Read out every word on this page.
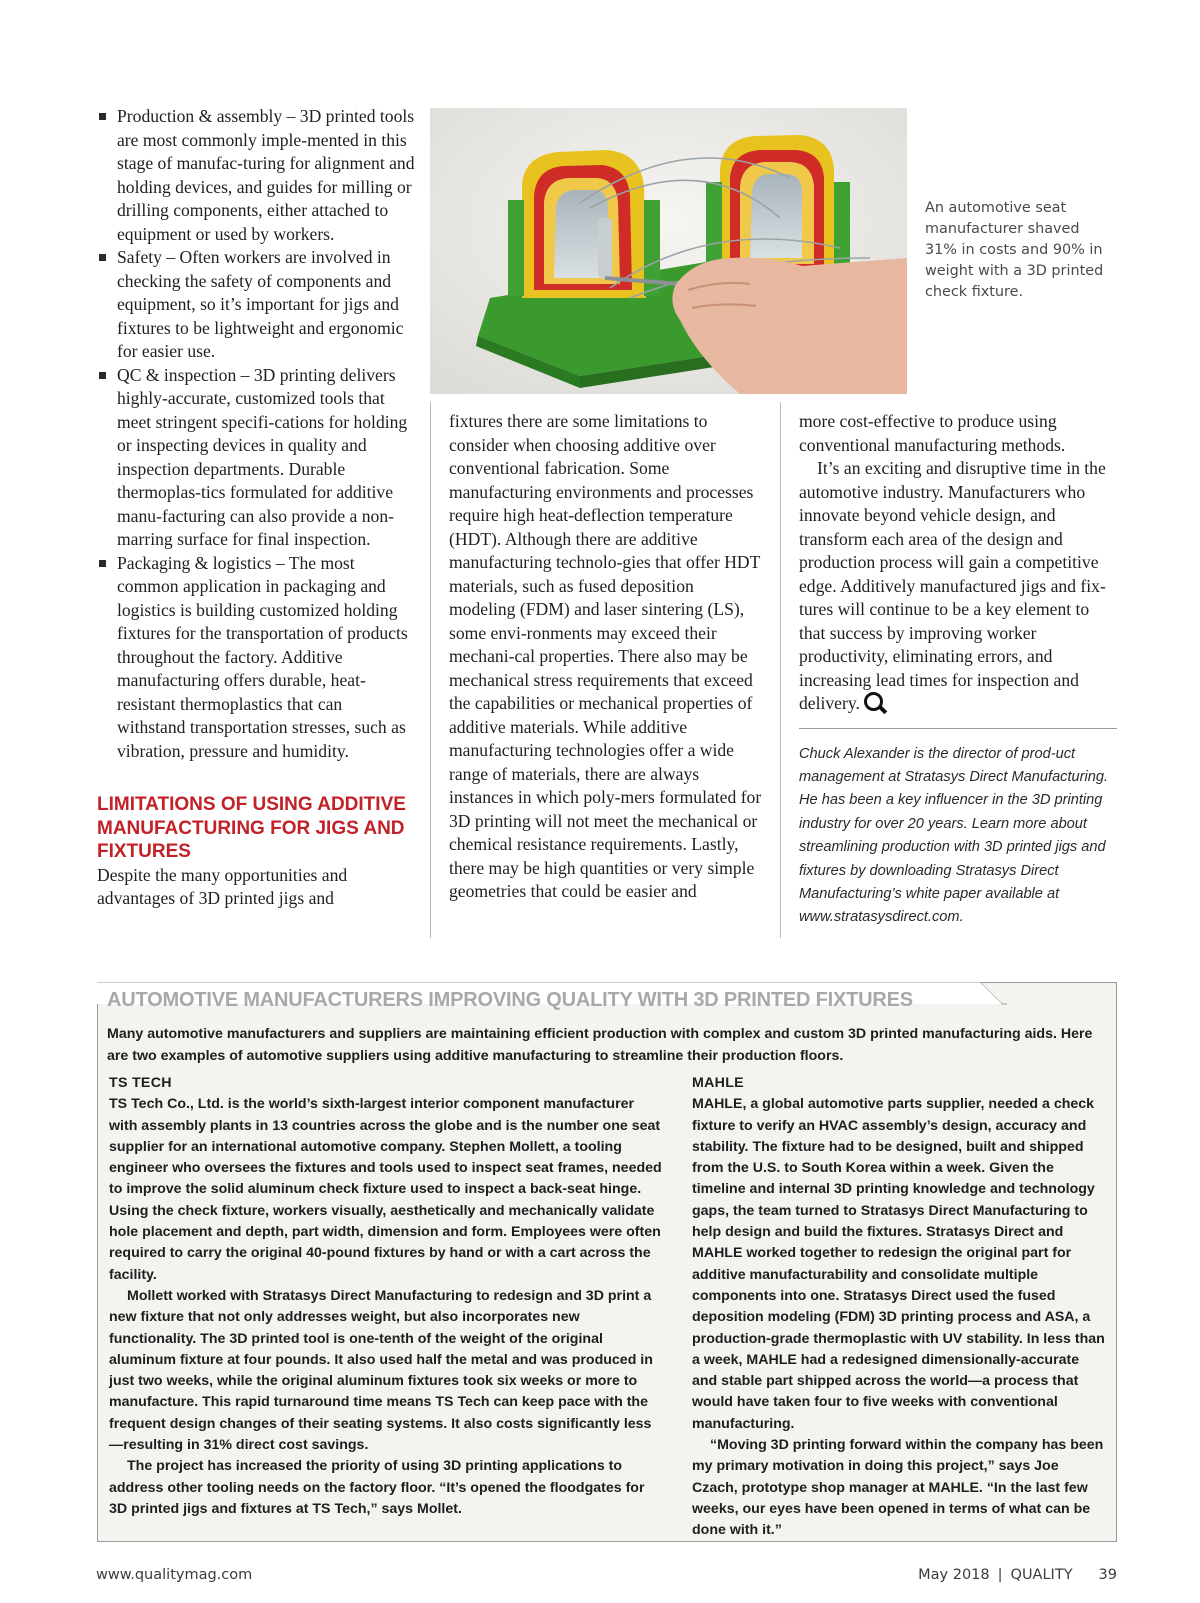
Production & assembly – 3D printed tools are most commonly imple-mented in this stage of manufac-turing for alignment and holding devices, and guides for milling or drilling components, either attached to equipment or used by workers.
Safety – Often workers are involved in checking the safety of components and equipment, so it’s important for jigs and fixtures to be lightweight and ergonomic for easier use.
QC & inspection – 3D printing delivers highly-accurate, customized tools that meet stringent specifi-cations for holding or inspecting devices in quality and inspection departments. Durable thermoplas-tics formulated for additive manu-facturing can also provide a non-marring surface for final inspection.
Packaging & logistics – The most common application in packaging and logistics is building customized holding fixtures for the transportation of products throughout the factory. Additive manufacturing offers durable, heat-resistant thermoplastics that can withstand transportation stresses, such as vibration, pressure and humidity.
LIMITATIONS OF USING ADDITIVE MANUFACTURING FOR JIGS AND FIXTURES

Despite the many opportunities and advantages of 3D printed jigs and

An automotive seat manufacturer shaved 31% in costs and 90% in weight with a 3D printed check fixture.

fixtures there are some limitations to consider when choosing additive over conventional fabrication. Some manufacturing environments and processes require high heat-deflection temperature (HDT). Although there are additive manufacturing technolo-gies that offer HDT materials, such as fused deposition modeling (FDM) and laser sintering (LS), some envi-ronments may exceed their mechani-cal properties. There also may be mechanical stress requirements that exceed the capabilities or mechanical properties of additive materials. While additive manufacturing technologies offer a wide range of materials, there are always instances in which poly-mers formulated for 3D printing will not meet the mechanical or chemical resistance requirements. Lastly, there may be high quantities or very simple geometries that could be easier and

more cost-effective to produce using conventional manufacturing methods.

It’s an exciting and disruptive time in the automotive industry. Manufacturers who innovate beyond vehicle design, and transform each area of the design and production process will gain a competitive edge. Additively manufactured jigs and fix-tures will continue to be a key element to that success by improving worker productivity, eliminating errors, and increasing lead times for inspection and delivery.

Chuck Alexander is the director of prod-uct management at Stratasys Direct Manufacturing. He has been a key influencer in the 3D printing industry for over 20 years. Learn more about streamlining production with 3D printed jigs and fixtures by downloading Stratasys Direct Manufacturing’s white paper available at www.stratasysdirect.com.

AUTOMOTIVE MANUFACTURERS IMPROVING QUALITY WITH 3D PRINTED FIXTURES

Many automotive manufacturers and suppliers are maintaining efficient production with complex and custom 3D printed manufacturing aids. Here are two examples of automotive suppliers using additive manufacturing to streamline their production floors.

TS TECH

TS Tech Co., Ltd. is the world’s sixth-largest interior component manufacturer with assembly plants in 13 countries across the globe and is the number one seat supplier for an international automotive company. Stephen Mollett, a tooling engineer who oversees the fixtures and tools used to inspect seat frames, needed to improve the solid aluminum check fixture used to inspect a back-seat hinge. Using the check fixture, workers visually, aesthetically and mechanically validate hole placement and depth, part width, dimension and form. Employees were often required to carry the original 40-pound fixtures by hand or with a cart across the facility.

Mollett worked with Stratasys Direct Manufacturing to redesign and 3D print a new fixture that not only addresses weight, but also incorporates new functionality. The 3D printed tool is one-tenth of the weight of the original aluminum fixture at four pounds. It also used half the metal and was produced in just two weeks, while the original aluminum fixtures took six weeks or more to manufacture. This rapid turnaround time means TS Tech can keep pace with the frequent design changes of their seating systems. It also costs significantly less—resulting in 31% direct cost savings.

The project has increased the priority of using 3D printing applications to address other tooling needs on the factory floor. “It’s opened the floodgates for 3D printed jigs and fixtures at TS Tech,” says Mollet.

MAHLE

MAHLE, a global automotive parts supplier, needed a check fixture to verify an HVAC assembly’s design, accuracy and stability. The fixture had to be designed, built and shipped from the U.S. to South Korea within a week. Given the timeline and internal 3D printing knowledge and technology gaps, the team turned to Stratasys Direct Manufacturing to help design and build the fixtures. Stratasys Direct and MAHLE worked together to redesign the original part for additive manufacturability and consolidate multiple components into one. Stratasys Direct used the fused deposition modeling (FDM) 3D printing process and ASA, a production-grade thermoplastic with UV stability. In less than a week, MAHLE had a redesigned dimensionally-accurate and stable part shipped across the world—a process that would have taken four to five weeks with conventional manufacturing.

“Moving 3D printing forward within the company has been my primary motivation in doing this project,” says Joe Czach, prototype shop manager at MAHLE. “In the last few weeks, our eyes have been opened in terms of what can be done with it.”

www.qualitymag.com	May 2018 | QUALITY 39
